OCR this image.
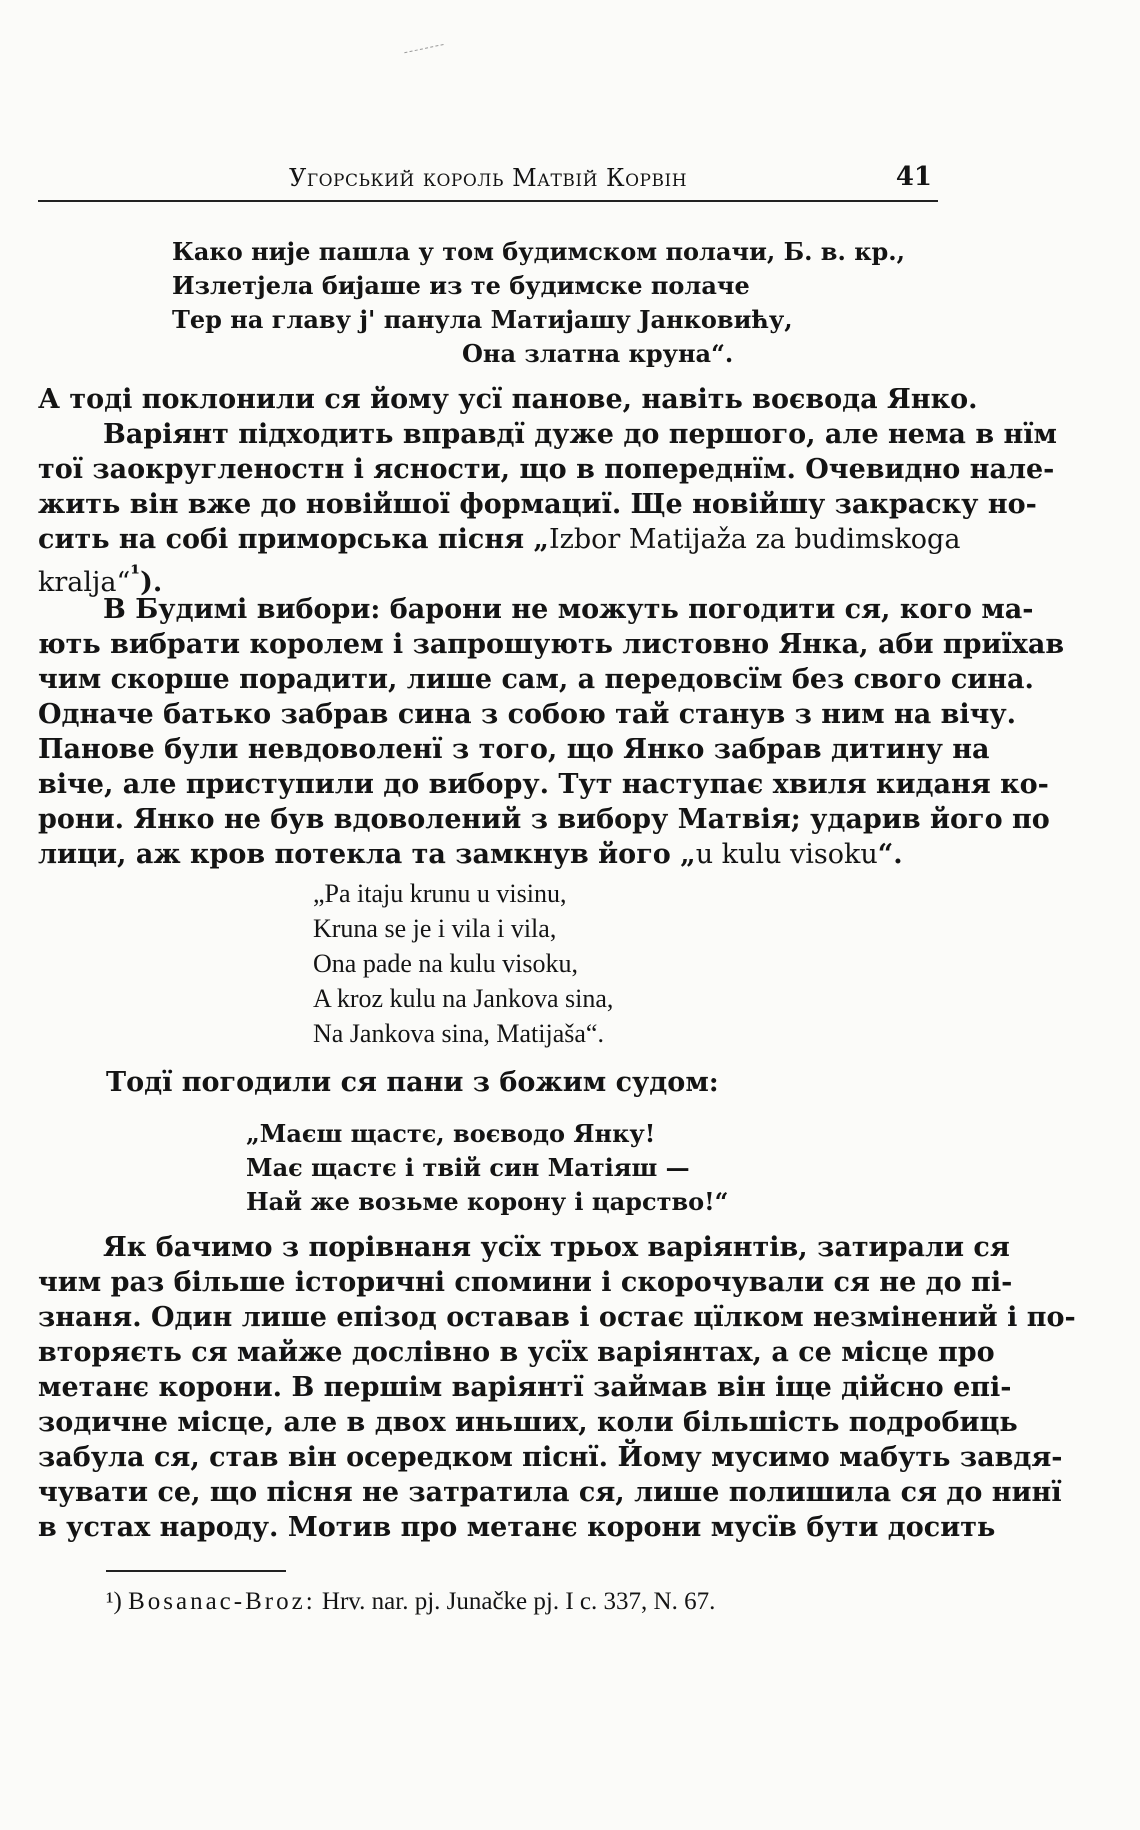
Угорський король Матвій Корвін	41
Како није пашла у том будимском полачи, Б. в. кр.,
Излетјела бијаше из те будимске полаче
Тер на главу ј' панула Матијашу Јанковићу,
Она златна круна“.
А тоді поклонили ся йому усї панове, навіть воєвода Янко.
Варіянт підходить вправдї дуже до першого, але нема в нїм
тої заокругленостн і ясности, що в попереднїм. Очевидно нале-
жить він вже до новійшої формациї. Ще новійшу закраску но-
сить на собі приморська пісня „Izbor Matijaža za budimskoga
kralja“$^{^1}$).
В Будимі вибори: барони не можуть погодити ся, кого ма-
ють вибрати королем і запрошують листовно Янка, аби приїхав
чим скорше порадити, лише сам, а передовсїм без свого сина.
Одначе батько забрав сина з собою тай станув з ним на вічу.
Панове були невдоволенї з того, що Янко забрав дитину на
віче, але приступили до вибору. Тут наступає хвиля киданя ко-
рони. Янко не був вдоволений з вибору Матвія; ударив його по
лици, аж кров потекла та замкнув його „u kulu visoku“.
„Pa itaju krunu u visinu,
Kruna se je i vila i vila,
Ona pade na kulu visoku,
A kroz kulu na Jankova sina,
Na Jankova sina, Matijaša“.
Тодї погодили ся пани з божим судом:
„Маєш щастє, воєводо Янку!
Має щастє і твій син Матіяш —
Най же возьме корону і царство!“
Як бачимо з порівнаня усїх трьох варіянтів, затирали ся
чим раз більше історичні спомини і скорочували ся не до пі-
знаня. Один лише епізод оставав і остає цїлком незмінений і по-
вторяєть ся майже дослівно в усїх варіянтах, а се місце про
метанє корони. В першім варіянтї займав він іще дійсно епі-
зодичне місце, але в двох иньших, коли більшість подробиць
забула ся, став він осередком піснї. Йому мусимо мабуть завдя-
чувати се, що пісня не затратила ся, лише полишила ся до нинї
в устах народу. Мотив про метанє корони мусїв бути досить
¹) Bosanac-Broz: Hrv. nar. pj. Junačke pj. I c. 337, N. 67.
